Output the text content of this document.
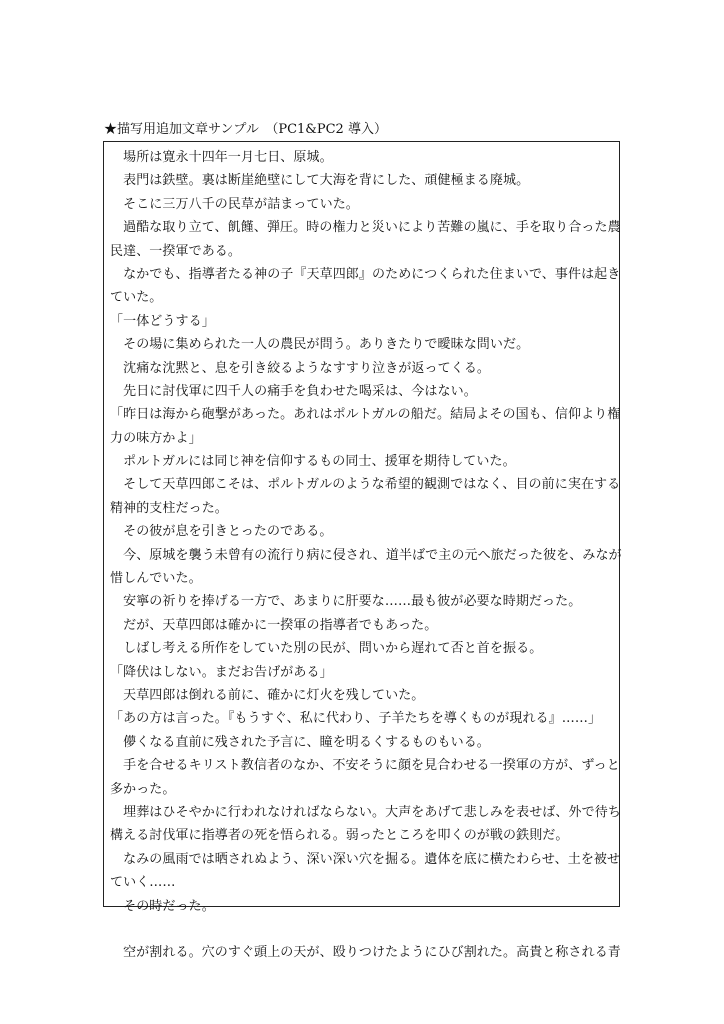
★描写用追加文章サンプル　（PC1&PC2 導入）
　場所は寛永十四年一月七日、原城。
　表門は鉄壁。裏は断崖絶壁にして大海を背にした、頑健極まる廃城。
　そこに三万八千の民草が詰まっていた。
　過酷な取り立て、飢饉、弾圧。時の権力と災いにより苦難の嵐に、手を取り合った農
民達、一揆軍である。
　なかでも、指導者たる神の子『天草四郎』のためにつくられた住まいで、事件は起き
ていた。
「一体どうする」
　その場に集められた一人の農民が問う。ありきたりで曖昧な問いだ。
　沈痛な沈黙と、息を引き絞るようなすすり泣きが返ってくる。
　先日に討伐軍に四千人の痛手を負わせた喝采は、今はない。
「昨日は海から砲撃があった。あれはポルトガルの船だ。結局よその国も、信仰より権
力の味方かよ」
　ポルトガルには同じ神を信仰するもの同士、援軍を期待していた。
　そして天草四郎こそは、ポルトガルのような希望的観測ではなく、目の前に実在する
精神的支柱だった。
　その彼が息を引きとったのである。
　今、原城を襲う未曾有の流行り病に侵され、道半ばで主の元へ旅だった彼を、みなが
惜しんでいた。
　安寧の祈りを捧げる一方で、あまりに肝要な……最も彼が必要な時期だった。
　だが、天草四郎は確かに一揆軍の指導者でもあった。
　しばし考える所作をしていた別の民が、問いから遅れて否と首を振る。
「降伏はしない。まだお告げがある」
　天草四郎は倒れる前に、確かに灯火を残していた。
「あの方は言った。『もうすぐ、私に代わり、子羊たちを導くものが現れる』……」
　儚くなる直前に残された予言に、瞳を明るくするものもいる。
　手を合せるキリスト教信者のなか、不安そうに顔を見合わせる一揆軍の方が、ずっと
多かった。
　埋葬はひそやかに行われなければならない。大声をあげて悲しみを表せば、外で待ち
構える討伐軍に指導者の死を悟られる。弱ったところを叩くのが戦の鉄則だ。
　なみの風雨では晒されぬよう、深い深い穴を掘る。遺体を底に横たわらせ、土を被せ
ていく……
　その時だった。
　空が割れる。穴のすぐ頭上の天が、殴りつけたようにひび割れた。高貴と称される青
